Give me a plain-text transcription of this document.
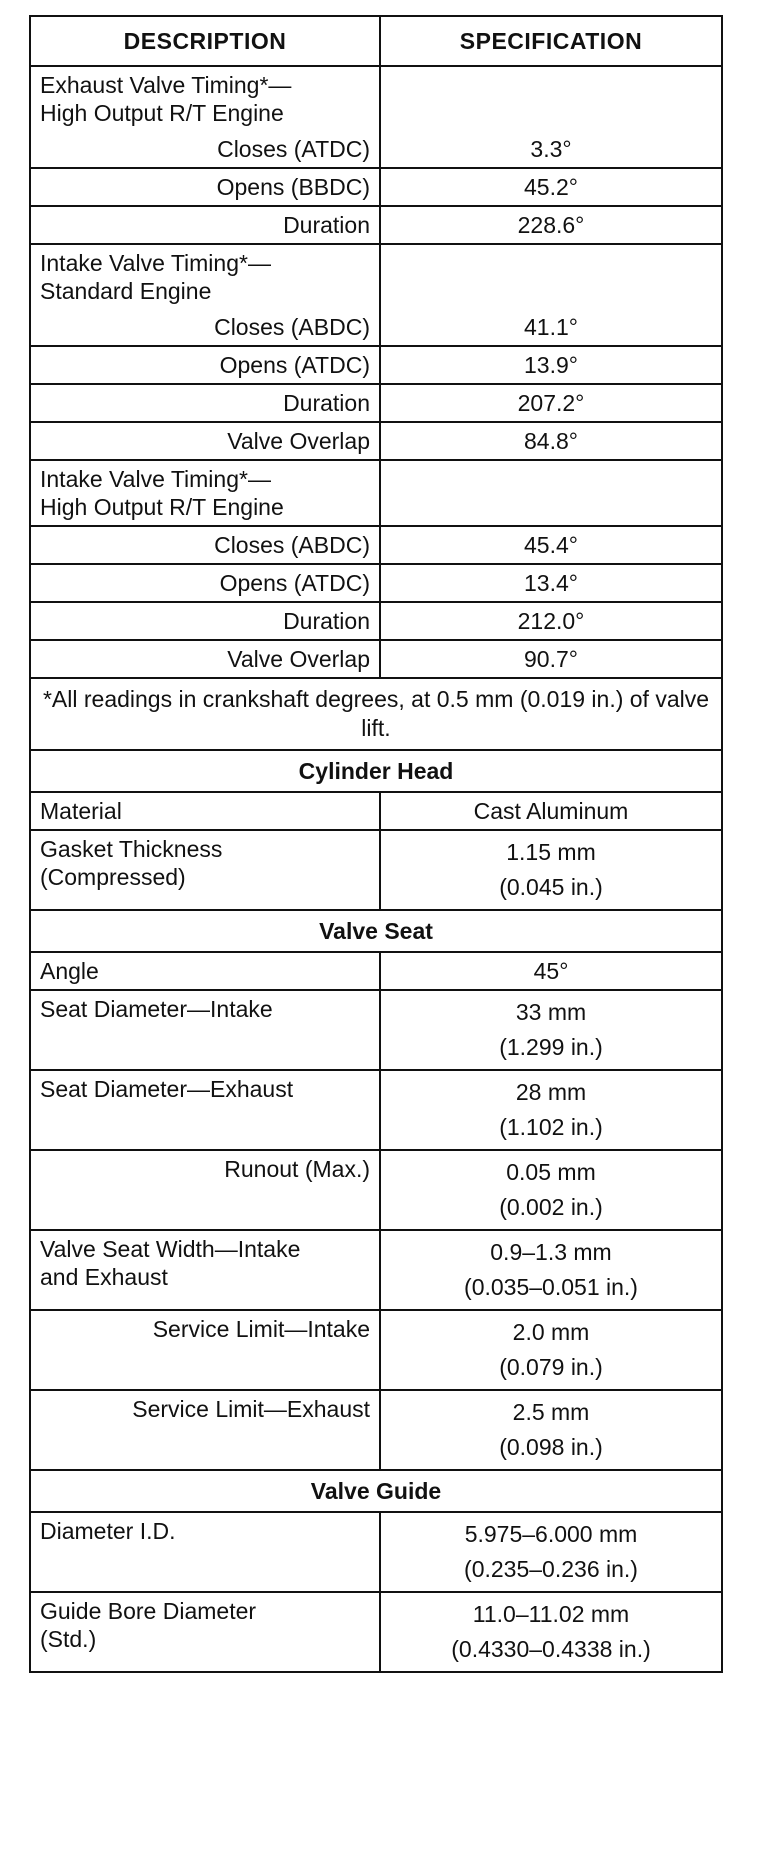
DESCRIPTION	SPECIFICATION

Exhaust Valve Timing*—
High Output R/T Engine	

Closes (ATDC)	3.3°
Opens (BBDC)	45.2°
Duration	228.6°

Intake Valve Timing*—
Standard Engine	

Closes (ABDC)	41.1°
Opens (ATDC)	13.9°
Duration	207.2°
Valve Overlap	84.8°

Intake Valve Timing*—
High Output R/T Engine	

Closes (ABDC)	45.4°
Opens (ATDC)	13.4°
Duration	212.0°
Valve Overlap	90.7°
*All readings in crankshaft degrees, at 0.5 mm (0.019 in.) of valve lift.	
Cylinder Head	
Material	Cast Aluminum

Gasket Thickness
(Compressed)	1.15 mm
(0.045 in.)

Valve Seat	
Angle	45°
Seat Diameter—Intake	33 mm
(1.299 in.)

Seat Diameter—Exhaust	28 mm
(1.102 in.)

Runout (Max.)	0.05 mm
(0.002 in.)

Valve Seat Width—Intake
and Exhaust	0.9–1.3 mm
(0.035–0.051 in.)

Service Limit—Intake	2.0 mm
(0.079 in.)

Service Limit—Exhaust	2.5 mm
(0.098 in.)

Valve Guide	
Diameter I.D.	5.975–6.000 mm
(0.235–0.236 in.)

Guide Bore Diameter
(Std.)	11.0–11.02 mm
(0.4330–0.4338 in.)
